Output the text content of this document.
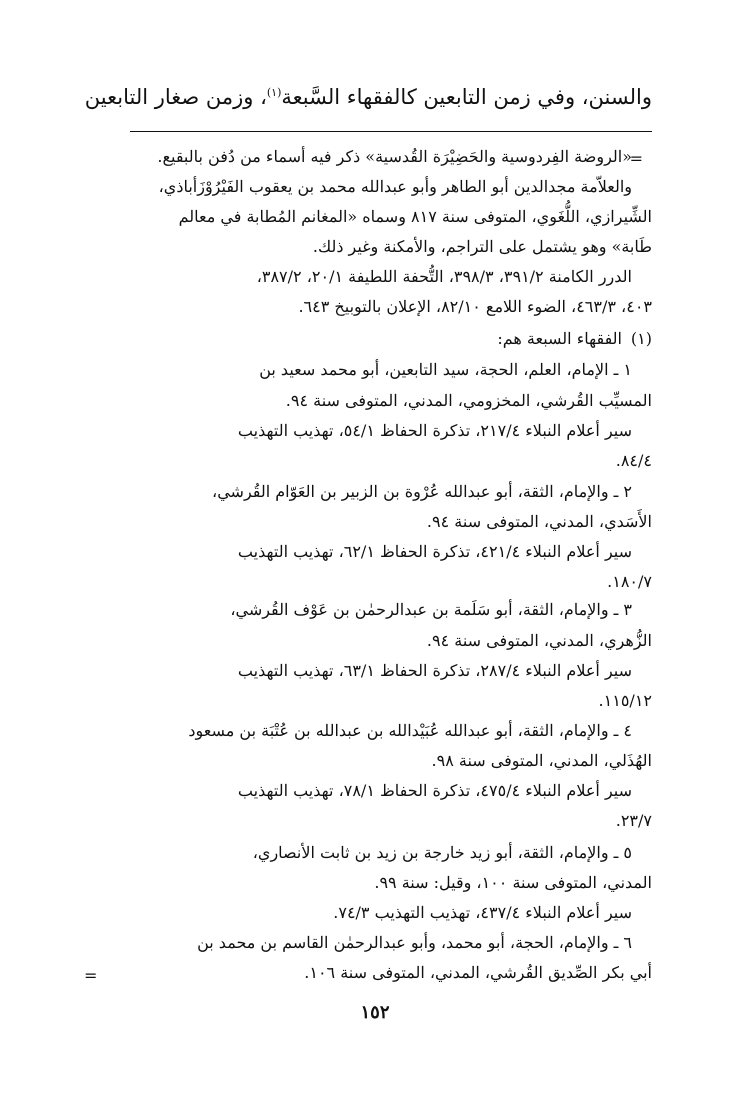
والسنن، وفي زمن التابعين كالفقهاء السَّبعة$^{(١)}$، وزمن صغار التابعين
=
«الروضة الفِردوسية والحَضِيْرَة القُدسية» ذكر فيه أسماء من دُفن بالبقيع.
والعلاّمة مجدالدين أبو الطاهر وأبو عبدالله محمد بن يعقوب الفَيْرُوْزَأباذي،
الشِّيرازي، اللُّغَوي، المتوفى سنة ٨١٧ وسماه «المغانم المُطابة في معالم
طَابة» وهو يشتمل على التراجم، والأمكنة وغير ذلك.
الدرر الكامنة ٣٩١/٢، ٣٩٨/٣، التُّحفة اللطيفة ٢٠/١، ٣٨٧/٢،
٤٠٣، ٤٦٣/٣، الضوء اللامع ٨٢/١٠، الإعلان بالتوبيخ ٦٤٣.
(١)
الفقهاء السبعة هم:
١ ـ الإمام، العلم، الحجة، سيد التابعين، أبو محمد سعيد بن
المسيِّب القُرشي، المخزومي، المدني، المتوفى سنة ٩٤.
سير أعلام النبلاء ٢١٧/٤، تذكرة الحفاظ ٥٤/١، تهذيب التهذيب
٨٤/٤.
٢ ـ والإمام، الثقة، أبو عبدالله عُرْوة بن الزبير بن العَوّام القُرشي،
الأَسَدي، المدني، المتوفى سنة ٩٤.
سير أعلام النبلاء ٤٢١/٤، تذكرة الحفاظ ٦٢/١، تهذيب التهذيب
١٨٠/٧.
٣ ـ والإمام، الثقة، أبو سَلَمة بن عبدالرحمٰن بن عَوْف القُرشي،
الزُّهري، المدني، المتوفى سنة ٩٤.
سير أعلام النبلاء ٢٨٧/٤، تذكرة الحفاظ ٦٣/١، تهذيب التهذيب
١١٥/١٢.
٤ ـ والإمام، الثقة، أبو عبدالله عُبَيْدالله بن عبدالله بن عُتْبَة بن مسعود
الهُذَلي، المدني، المتوفى سنة ٩٨.
سير أعلام النبلاء ٤٧٥/٤، تذكرة الحفاظ ٧٨/١، تهذيب التهذيب
٢٣/٧.
٥ ـ والإمام، الثقة، أبو زيد خارجة بن زيد بن ثابت الأنصاري،
المدني، المتوفى سنة ١٠٠، وقيل: سنة ٩٩.
سير أعلام النبلاء ٤٣٧/٤، تهذيب التهذيب ٧٤/٣.
٦ ـ والإمام، الحجة، أبو محمد، وأبو عبدالرحمٰن القاسم بن محمد بن
أبي بكر الصِّديق القُرشي، المدني، المتوفى سنة ١٠٦.
=
١٥٢
